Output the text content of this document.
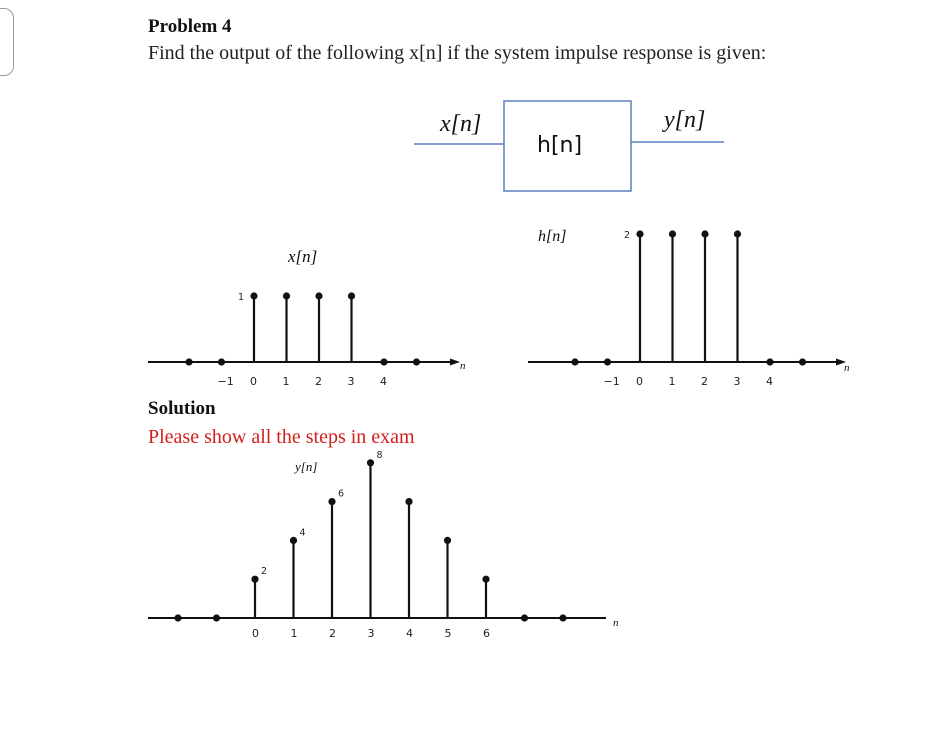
Problem 4
Find the output of the following x[n] if the system impulse response is given:
Solution
Please show all the steps in exam
x[n]
h[n]
y[n]
n
x[n]
−1 0 1 2 3 4
1
n
h[n]
−1 0 1 2 3 4
2
n
y[n]
0	1	2	3	4	5	6
2
4
6
8
